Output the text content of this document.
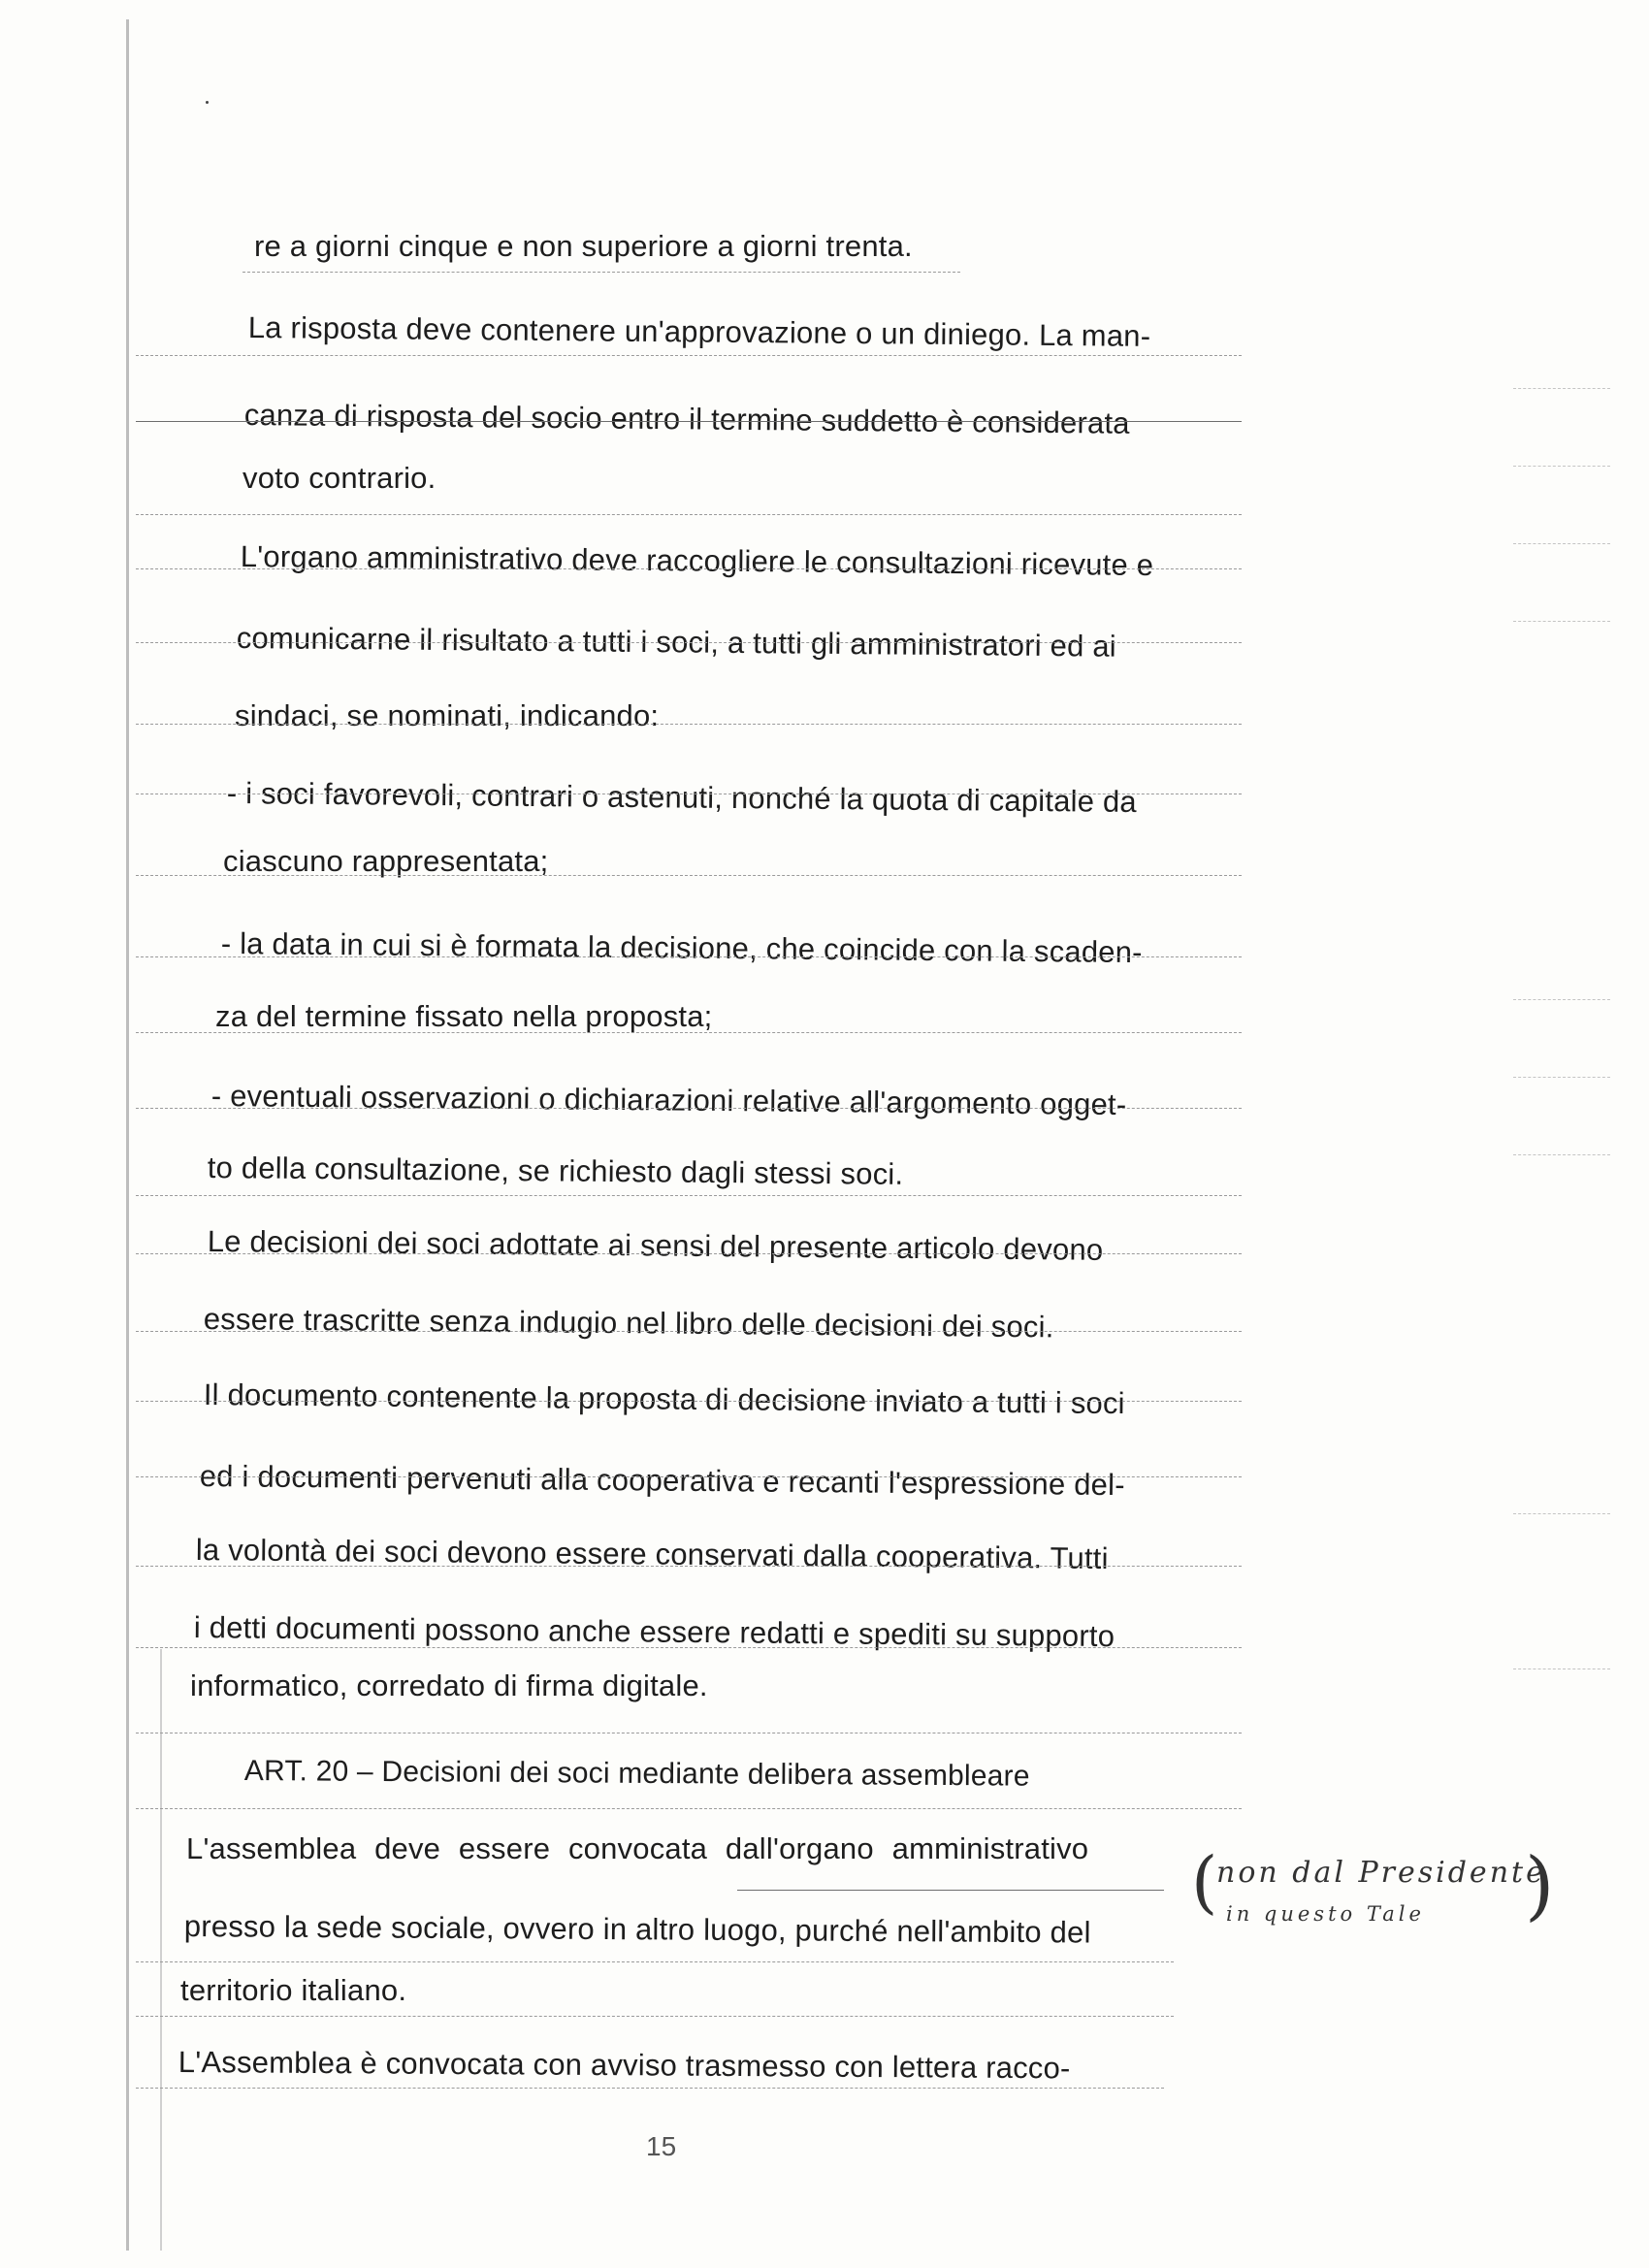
re a giorni cinque e non superiore a giorni trenta.
La risposta deve contenere un'approvazione o un diniego. La man-
canza di risposta del socio entro il termine suddetto è considerata
voto contrario.
L'organo amministrativo deve raccogliere le consultazioni ricevute e
comunicarne il risultato a tutti i soci, a tutti gli amministratori ed ai
sindaci, se nominati, indicando:
- i soci favorevoli, contrari o astenuti, nonché la quota di capitale da
ciascuno rappresentata;
- la data in cui si è formata la decisione, che coincide con la scaden-
za del termine fissato nella proposta;
- eventuali osservazioni o dichiarazioni relative all'argomento ogget-
to della consultazione, se richiesto dagli stessi soci.
Le decisioni dei soci adottate ai sensi del presente articolo devono
essere trascritte senza indugio nel libro delle decisioni dei soci.
Il documento contenente la proposta di decisione inviato a tutti i soci
ed i documenti pervenuti alla cooperativa e recanti l'espressione del-
la volontà dei soci devono essere conservati dalla cooperativa. Tutti
i detti documenti possono anche essere redatti e spediti su supporto
informatico, corredato di firma digitale.
ART. 20 – Decisioni dei soci mediante delibera assembleare
L'assemblea deve essere convocata dall'organo amministrativo
presso la sede sociale, ovvero in altro luogo, purché nell'ambito del
territorio italiano.
L'Assemblea è convocata con avviso trasmesso con lettera racco-
(
non dal Presidente
in questo Tale )
15
